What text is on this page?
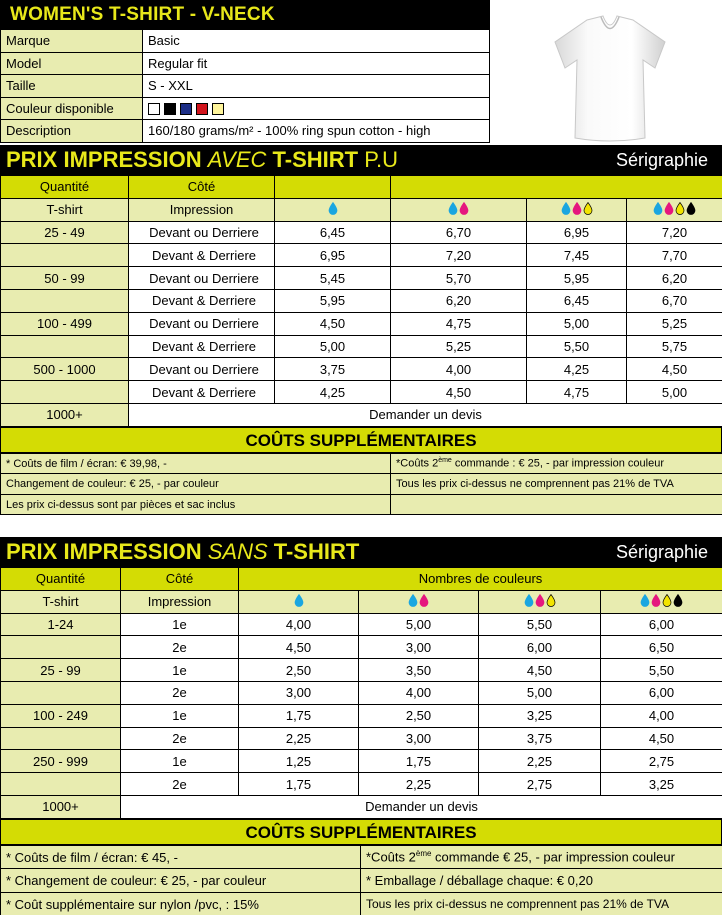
WOMEN'S T-SHIRT - V-NECK
Marque	Basic
Model	Regular fit
Taille	S - XXL
Couleur disponible	
Description	160/180 grams/m² - 100% ring spun cotton - high
PRIX IMPRESSION AVEC T-SHIRT P.U	Sérigraphie
Quantité	Côté				
T-shirt	Impression	

25 - 49	Devant ou Derriere	6,45	6,70	6,95	7,20
	Devant & Derriere	6,95	7,20	7,45	7,70
50 - 99	Devant ou Derriere	5,45	5,70	5,95	6,20
	Devant & Derriere	5,95	6,20	6,45	6,70
100 - 499	Devant ou Derriere	4,50	4,75	5,00	5,25
	Devant & Derriere	5,00	5,25	5,50	5,75
500 - 1000	Devant ou Derriere	3,75	4,00	4,25	4,50
	Devant & Derriere	4,25	4,50	4,75	5,00
1000+	Demander un devis				
COÛTS SUPPLÉMENTAIRES
* Coûts de film / écran: € 39,98, -	*Coûts 2ème commande : € 25, - par impression couleur
Changement de couleur: € 25, - par couleur	Tous les prix ci-dessus ne comprennent pas 21% de TVA
Les prix ci-dessus sont par pièces et sac inclus	
PRIX IMPRESSION SANS T-SHIRT	Sérigraphie
Quantité	Côté	Nombres de couleurs			
T-shirt	Impression	

1-24	1e	4,00	5,00	5,50	6,00
	2e	4,50	3,00	6,00	6,50
25 - 99	1e	2,50	3,50	4,50	5,50
	2e	3,00	4,00	5,00	6,00
100 - 249	1e	1,75	2,50	3,25	4,00
	2e	2,25	3,00	3,75	4,50
250 - 999	1e	1,25	1,75	2,25	2,75
	2e	1,75	2,25	2,75	3,25
1000+	Demander un devis				
COÛTS SUPPLÉMENTAIRES
* Coûts de film / écran: € 45, -	*Coûts 2ème commande € 25, - par impression couleur
* Changement de couleur: € 25, - par couleur	* Emballage / déballage chaque: € 0,20
* Coût supplémentaire sur nylon /pvc, : 15%	Tous les prix ci-dessus ne comprennent pas 21% de TVA
